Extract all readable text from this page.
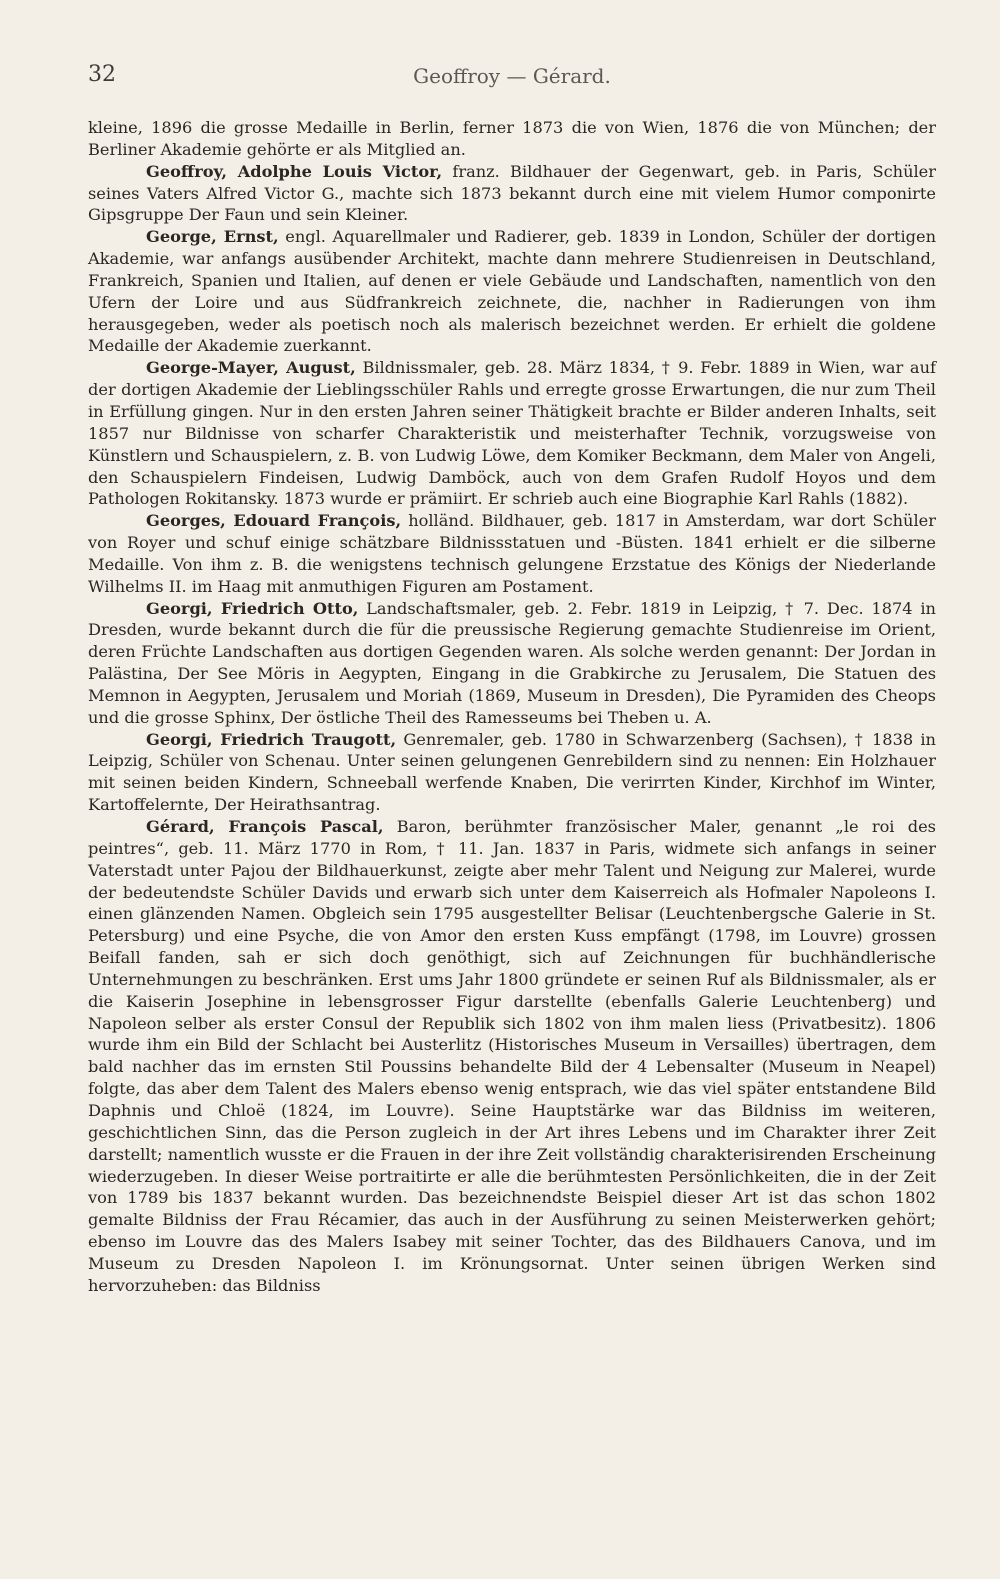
32	Geoffroy — Gérard.

kleine, 1896 die grosse Medaille in Berlin, ferner 1873 die von Wien, 1876 die von München; der Berliner Akademie gehörte er als Mitglied an.

Geoffroy, Adolphe Louis Victor, franz. Bildhauer der Gegenwart, geb. in Paris, Schüler seines Vaters Alfred Victor G., machte sich 1873 bekannt durch eine mit vielem Humor componirte Gipsgruppe Der Faun und sein Kleiner.

George, Ernst, engl. Aquarellmaler und Radierer, geb. 1839 in London, Schüler der dortigen Akademie, war anfangs ausübender Architekt, machte dann mehrere Studienreisen in Deutschland, Frankreich, Spanien und Italien, auf denen er viele Gebäude und Landschaften, namentlich von den Ufern der Loire und aus Südfrankreich zeichnete, die, nachher in Radierungen von ihm herausgegeben, weder als poetisch noch als malerisch bezeichnet werden. Er erhielt die goldene Medaille der Akademie zuerkannt.

George-Mayer, August, Bildnissmaler, geb. 28. März 1834, † 9. Febr. 1889 in Wien, war auf der dortigen Akademie der Lieblingsschüler Rahls und erregte grosse Erwartungen, die nur zum Theil in Erfüllung gingen. Nur in den ersten Jahren seiner Thätigkeit brachte er Bilder anderen Inhalts, seit 1857 nur Bildnisse von scharfer Charakteristik und meisterhafter Technik, vorzugsweise von Künstlern und Schauspielern, z. B. von Ludwig Löwe, dem Komiker Beckmann, dem Maler von Angeli, den Schauspielern Findeisen, Ludwig Damböck, auch von dem Grafen Rudolf Hoyos und dem Pathologen Rokitansky. 1873 wurde er prämiirt. Er schrieb auch eine Biographie Karl Rahls (1882).

Georges, Edouard François, holländ. Bildhauer, geb. 1817 in Amsterdam, war dort Schüler von Royer und schuf einige schätzbare Bildnissstatuen und -Büsten. 1841 erhielt er die silberne Medaille. Von ihm z. B. die wenigstens technisch gelungene Erzstatue des Königs der Niederlande Wilhelms II. im Haag mit anmuthigen Figuren am Postament.

Georgi, Friedrich Otto, Landschaftsmaler, geb. 2. Febr. 1819 in Leipzig, † 7. Dec. 1874 in Dresden, wurde bekannt durch die für die preussische Regierung gemachte Studienreise im Orient, deren Früchte Landschaften aus dortigen Gegenden waren. Als solche werden genannt: Der Jordan in Palästina, Der See Möris in Aegypten, Eingang in die Grabkirche zu Jerusalem, Die Statuen des Memnon in Aegypten, Jerusalem und Moriah (1869, Museum in Dresden), Die Pyramiden des Cheops und die grosse Sphinx, Der östliche Theil des Ramesseums bei Theben u. A.

Georgi, Friedrich Traugott, Genremaler, geb. 1780 in Schwarzenberg (Sachsen), † 1838 in Leipzig, Schüler von Schenau. Unter seinen gelungenen Genrebildern sind zu nennen: Ein Holzhauer mit seinen beiden Kindern, Schneeball werfende Knaben, Die verirrten Kinder, Kirchhof im Winter, Kartoffelernte, Der Heirathsantrag.

Gérard, François Pascal, Baron, berühmter französischer Maler, genannt „le roi des peintres“, geb. 11. März 1770 in Rom, † 11. Jan. 1837 in Paris, widmete sich anfangs in seiner Vaterstadt unter Pajou der Bildhauerkunst, zeigte aber mehr Talent und Neigung zur Malerei, wurde der bedeutendste Schüler Davids und erwarb sich unter dem Kaiserreich als Hofmaler Napoleons I. einen glänzenden Namen. Obgleich sein 1795 ausgestellter Belisar (Leuchtenbergsche Galerie in St. Petersburg) und eine Psyche, die von Amor den ersten Kuss empfängt (1798, im Louvre) grossen Beifall fanden, sah er sich doch genöthigt, sich auf Zeichnungen für buchhändlerische Unternehmungen zu beschränken. Erst ums Jahr 1800 gründete er seinen Ruf als Bildnissmaler, als er die Kaiserin Josephine in lebensgrosser Figur darstellte (ebenfalls Galerie Leuchtenberg) und Napoleon selber als erster Consul der Republik sich 1802 von ihm malen liess (Privatbesitz). 1806 wurde ihm ein Bild der Schlacht bei Austerlitz (Historisches Museum in Versailles) übertragen, dem bald nachher das im ernsten Stil Poussins behandelte Bild der 4 Lebensalter (Museum in Neapel) folgte, das aber dem Talent des Malers ebenso wenig entsprach, wie das viel später entstandene Bild Daphnis und Chloë (1824, im Louvre). Seine Hauptstärke war das Bildniss im weiteren, geschichtlichen Sinn, das die Person zugleich in der Art ihres Lebens und im Charakter ihrer Zeit darstellt; namentlich wusste er die Frauen in der ihre Zeit vollständig charakterisirenden Erscheinung wiederzugeben. In dieser Weise portraitirte er alle die berühmtesten Persönlichkeiten, die in der Zeit von 1789 bis 1837 bekannt wurden. Das bezeichnendste Beispiel dieser Art ist das schon 1802 gemalte Bildniss der Frau Récamier, das auch in der Ausführung zu seinen Meisterwerken gehört; ebenso im Louvre das des Malers Isabey mit seiner Tochter, das des Bildhauers Canova, und im Museum zu Dresden Napoleon I. im Krönungsornat. Unter seinen übrigen Werken sind hervorzuheben: das Bildniss
